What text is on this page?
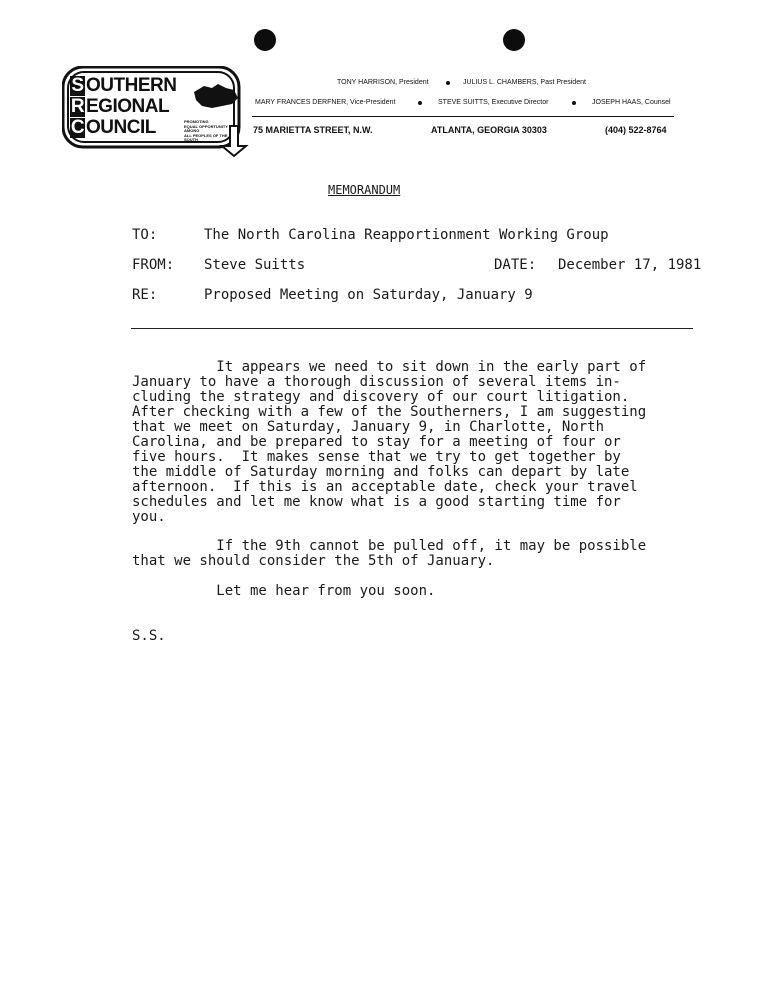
S OUTHERN
REGIONAL
COUNCIL	PROMOTING
EQUAL OPPORTUNITY AMONG
ALL PEOPLES OF THE SOUTH
TONY HARRISON, President	JULIUS L. CHAMBERS, Past President
MARY FRANCES DERFNER, Vice-President	STEVE SUITTS, Executive Director	JOSEPH HAAS, Counsel
75 MARIETTA STREET, N.W.	ATLANTA, GEORGIA 30303	(404) 522-8764
MEMORANDUM
TO:	The North Carolina Reapportionment Working Group
FROM: Steve Suitts	DATE: December 17, 1981
RE:	Proposed Meeting on Saturday, January 9
It appears we need to sit down in the early part of
January to have a thorough discussion of several items in-
cluding the strategy and discovery of our court litigation.
After checking with a few of the Southerners, I am suggesting
that we meet on Saturday, January 9, in Charlotte, North
Carolina, and be prepared to stay for a meeting of four or
five hours.  It makes sense that we try to get together by
the middle of Saturday morning and folks can depart by late
afternoon.  If this is an acceptable date, check your travel
schedules and let me know what is a good starting time for
you.
If the 9th cannot be pulled off, it may be possible
that we should consider the 5th of January.
Let me hear from you soon.
S.S.
